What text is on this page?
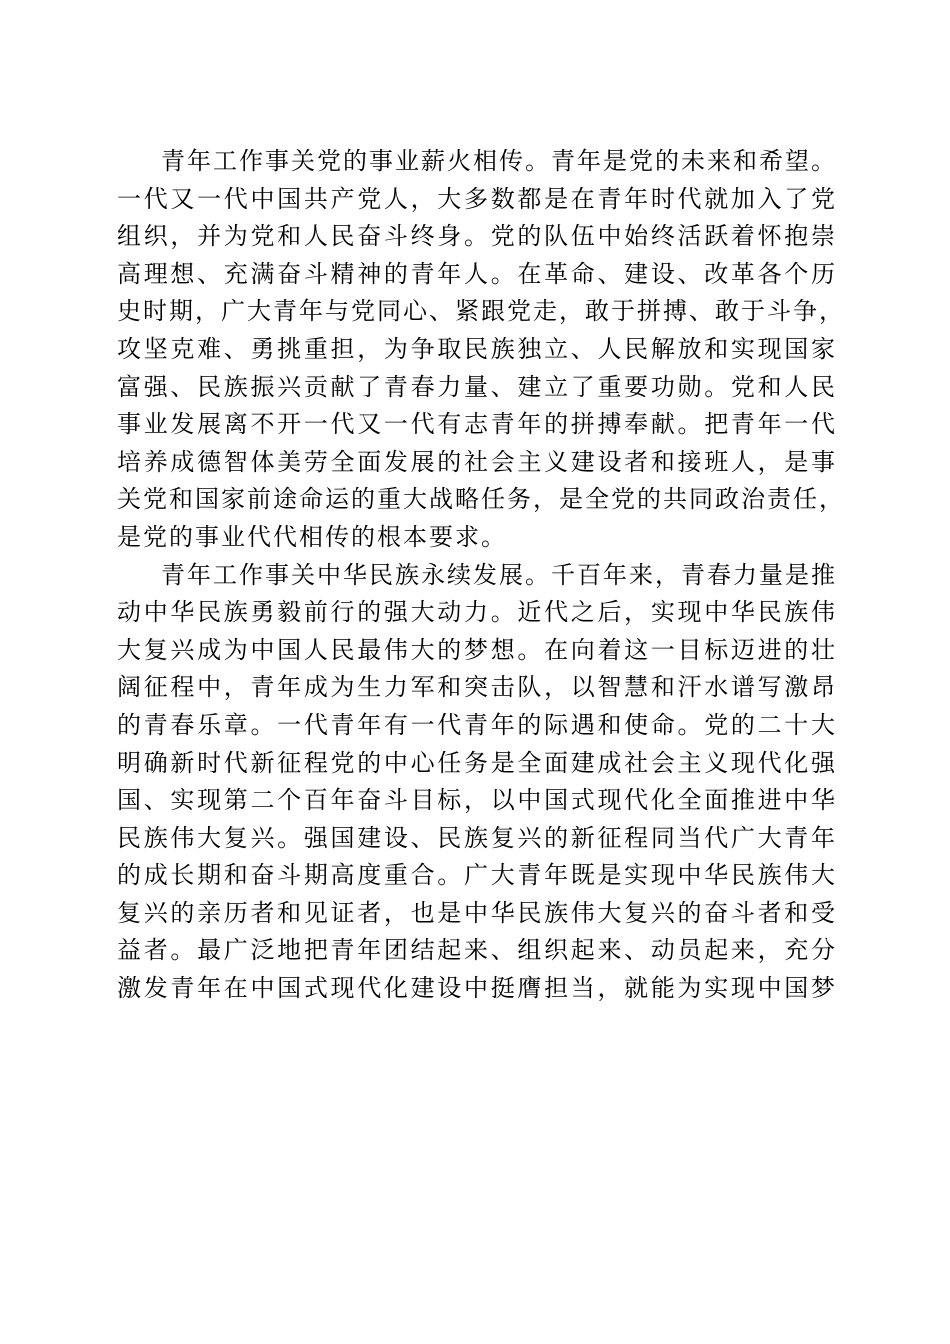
青年工作事关党的事业薪火相传。青年是党的未来和希望。
一代又一代中国共产党人，大多数都是在青年时代就加入了党
组织，并为党和人民奋斗终身。党的队伍中始终活跃着怀抱崇
高理想、充满奋斗精神的青年人。在革命、建设、改革各个历
史时期，广大青年与党同心、紧跟党走，敢于拼搏、敢于斗争，
攻坚克难、勇挑重担，为争取民族独立、人民解放和实现国家
富强、民族振兴贡献了青春力量、建立了重要功勋。党和人民
事业发展离不开一代又一代有志青年的拼搏奉献。把青年一代
培养成德智体美劳全面发展的社会主义建设者和接班人，是事
关党和国家前途命运的重大战略任务，是全党的共同政治责任，
是党的事业代代相传的根本要求。
青年工作事关中华民族永续发展。千百年来，青春力量是推
动中华民族勇毅前行的强大动力。近代之后，实现中华民族伟
大复兴成为中国人民最伟大的梦想。在向着这一目标迈进的壮
阔征程中，青年成为生力军和突击队，以智慧和汗水谱写激昂
的青春乐章。一代青年有一代青年的际遇和使命。党的二十大
明确新时代新征程党的中心任务是全面建成社会主义现代化强
国、实现第二个百年奋斗目标，以中国式现代化全面推进中华
民族伟大复兴。强国建设、民族复兴的新征程同当代广大青年
的成长期和奋斗期高度重合。广大青年既是实现中华民族伟大
复兴的亲历者和见证者，也是中华民族伟大复兴的奋斗者和受
益者。最广泛地把青年团结起来、组织起来、动员起来，充分
激发青年在中国式现代化建设中挺膺担当，就能为实现中国梦
